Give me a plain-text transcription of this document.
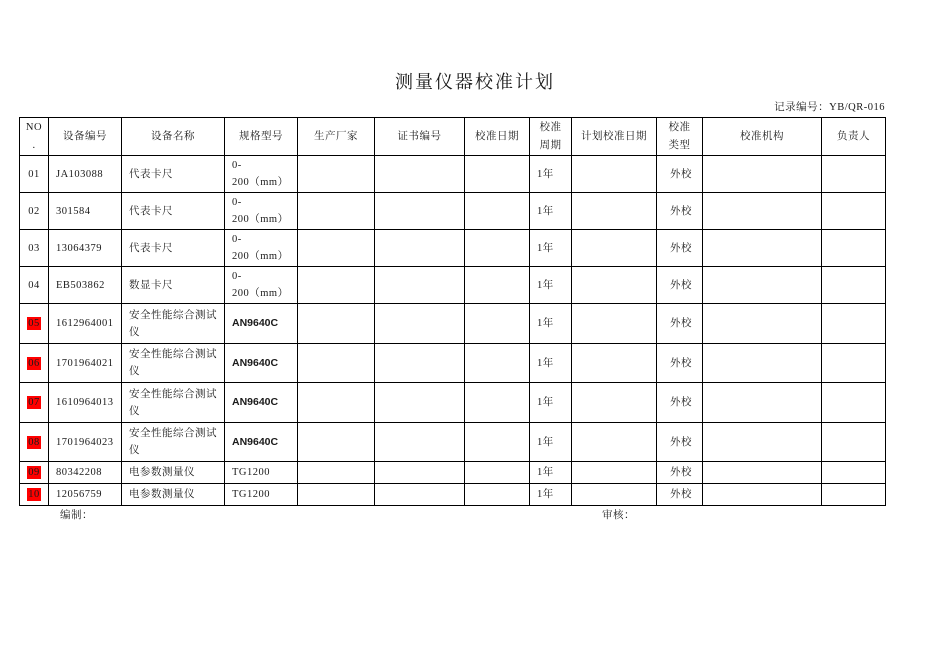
测量仪器校准计划
记录编号：YB/QR-016
NO.	设备编号	设备名称	规格型号	生产厂家	证书编号	校准日期	校准周期	计划校准日期	校准类型	校准机构	负责人
01	JA103088	代表卡尺	0-
200（mm）				1年		外校		
02	301584	代表卡尺	0-
200（mm）				1年		外校		
03	13064379	代表卡尺	0-
200（mm）				1年		外校		
04	EB503862	数显卡尺	0-
200（mm）				1年		外校		
05	1612964001	安全性能综合测试仪	AN9640C				1年		外校		
06	1701964021	安全性能综合测试仪	AN9640C				1年		外校		
07	1610964013	安全性能综合测试仪	AN9640C				1年		外校		
08	1701964023	安全性能综合测试仪	AN9640C				1年		外校		
09	80342208	电参数测量仪	TG1200				1年		外校		
10	12056759	电参数测量仪	TG1200				1年		外校		
编制：	审核：
